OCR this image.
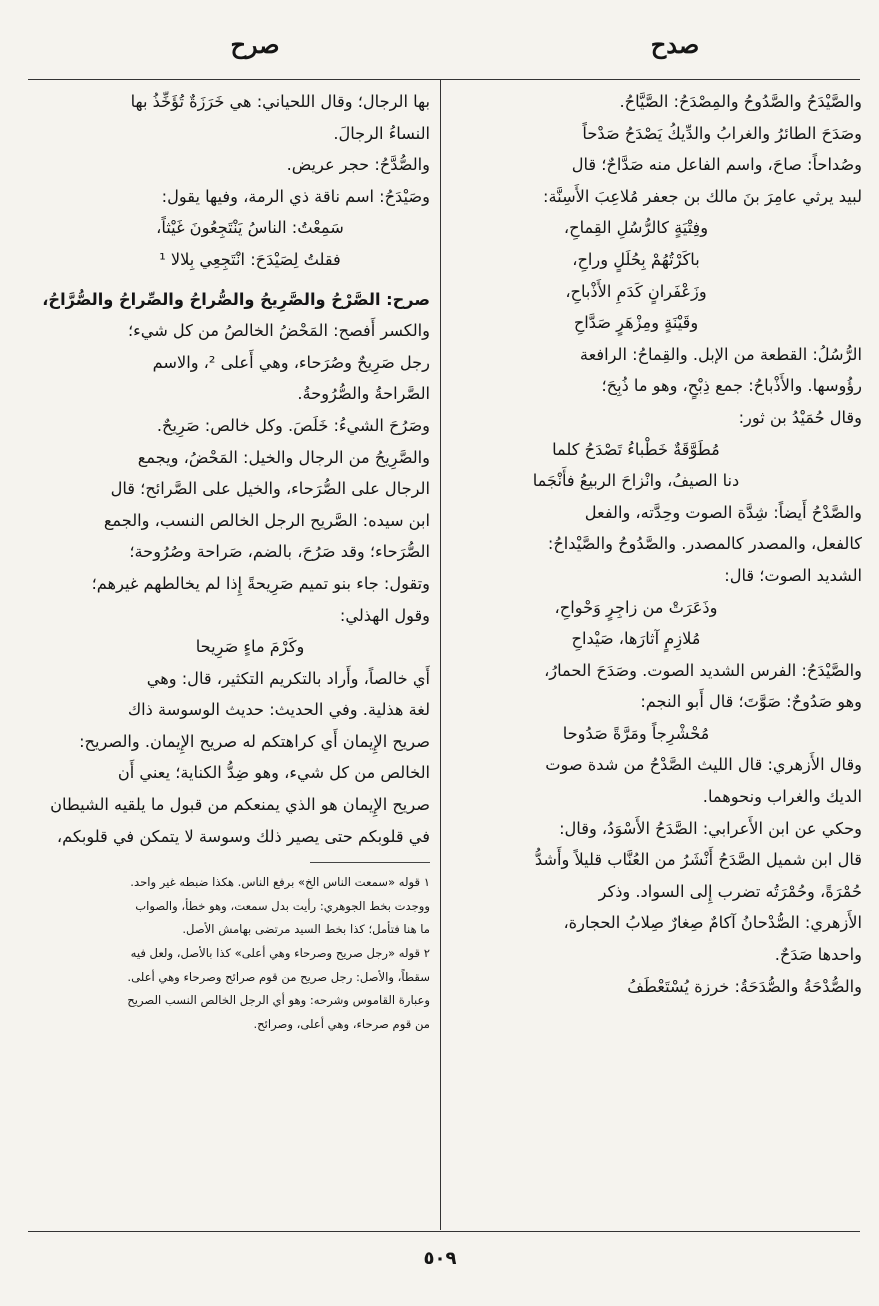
صدح
صرح
والصَّيْدَحُ والصَّدُوحُ والمِصْدَحُ: الصَّيَّاحُ.
وصَدَحَ الطائرُ والغرابُ والدِّيكُ يَصْدَحُ صَدْحاً
وصُداحاً: صاحَ، واسم الفاعل منه صَدَّاحٌ؛ قال
لبيد يرثي عامِرَ بنَ مالك بن جعفر مُلاعِبَ الأَسِنَّة:
وفِتْيَةٍ كالرُّسُلِ القِماحِ،
باكَرْتُهُمْ بِحُلَلٍ وراحِ،
وزَعْفَرانٍ كَدَمِ الأَذْباحِ،
وقَيْنَةٍ ومِزْهَرٍ صَدَّاحِ
الرُّسُلُ: القطعة من الإبل. والقِماحُ: الرافعة
رؤُوسها. والأَذْباحُ: جمع ذِبْحٍ، وهو ما ذُبِحَ؛
وقال حُمَيْدُ بن ثور:
مُطَوَّقَةٌ خَطْباءُ تَصْدَحُ كلما
دنا الصيفُ، وانْزاحَ الربيعُ فأَنْجَما
والصَّدْحُ أَيضاً: شِدَّة الصوت وحِدَّته، والفعل
كالفعل، والمصدر كالمصدر. والصَّدُوحُ والصَّيْداحُ:
الشديد الصوت؛ قال:
وذَعَرَتْ من زاجِرٍ وَحْواحِ،
مُلازِمٍ آثارَها، صَيْداحِ
والصَّيْدَحُ: الفرس الشديد الصوت. وصَدَحَ الحمارُ،
وهو صَدُوحٌ: صَوَّتَ؛ قال أَبو النجم:
مُحْشْرِجاً ومَرَّةً صَدُوحا
وقال الأَزهري: قال الليث الصَّدْحُ من شدة صوت
الديك والغراب ونحوهما.
وحكي عن ابن الأَعرابي: الصَّدَحُ الأَسْوَدُ، وقال:
قال ابن شميل الصَّدَحُ أَنْشَرُ من العُنَّاب قليلاً وأَشدُّ
حُمْرَةً، وحُمْرَتُه تضرب إِلى السواد. وذكر
الأَزهري: الصُّدْحانُ آكامٌ صِغارٌ صِلابُ الحجارة،
واحدها صَدَحٌ.
والصُّدْحَةُ والصُّدَحَةُ: خرزة يُسْتَعْطَفُ
بها الرجال؛ وقال اللحياني: هي خَرَزَةٌ تُؤَخِّذُ بها
النساءُ الرجالَ.
والصُّدَّحُ: حجر عريض.
وصَيْدَحُ: اسم ناقة ذي الرمة، وفيها يقول:
سَمِعْتُ: الناسُ يَنْتَجِعُونَ غَيْثاً،
فقلتُ لِصَيْدَحَ: انْتَجِعِي بِلالا ¹
صرح: الصَّرْحُ والصَّرِيحُ والصُّراحُ والصِّراحُ والصُّرَّاحُ،
والكسر أَفصح: المَحْضُ الخالصُ من كل شيء؛
رجل صَرِيحٌ وصُرَحاء، وهي أَعلى ²، والاسم
الصَّراحةُ والصُّرُوحةُ.
وصَرُحَ الشيءُ: خَلَصَ. وكل خالص: صَرِيحٌ.
والصَّرِيحُ من الرجال والخيل: المَحْضُ، ويجمع
الرجال على الصُّرَحاء، والخيل على الصَّرائح؛ قال
ابن سيده: الصَّريح الرجل الخالص النسب، والجمع
الصُّرَحاء؛ وقد صَرُحَ، بالضم، صَراحة وصُرُوحة؛
وتقول: جاء بنو تميم صَرِيحةً إِذا لم يخالطهم غيرهم؛
وقول الهذلي:
وكَرْمَ ماءٍ صَرِيحا
أَي خالصاً، وأَراد بالتكريم التكثير، قال: وهي
لغة هذلية. وفي الحديث: حديث الوسوسة ذاك
صريح الإِيمان أَي كراهتكم له صريح الإِيمان. والصريح:
الخالص من كل شيء، وهو ضِدُّ الكناية؛ يعني أَن
صريح الإِيمان هو الذي يمنعكم من قبول ما يلقيه الشيطان
في قلوبكم حتى يصير ذلك وسوسة لا يتمكن في قلوبكم،
١ قوله «سمعت الناس الخ» برفع الناس. هكذا ضبطه غير واحد.
ووجدت بخط الجوهري: رأيت بدل سمعت، وهو خطأ، والصواب
ما هنا فتأمل؛ كذا بخط السيد مرتضى بهامش الأصل.
٢ قوله «رجل صريح وصرحاء وهي أعلى» كذا بالأصل، ولعل فيه
سقطاً، والأصل: رجل صريح من قوم صرائح وصرحاء وهي أعلى.
وعبارة القاموس وشرحه: وهو أي الرجل الخالص النسب الصريح
من قوم صرحاء، وهي أعلى، وصرائح.
٥٠٩
